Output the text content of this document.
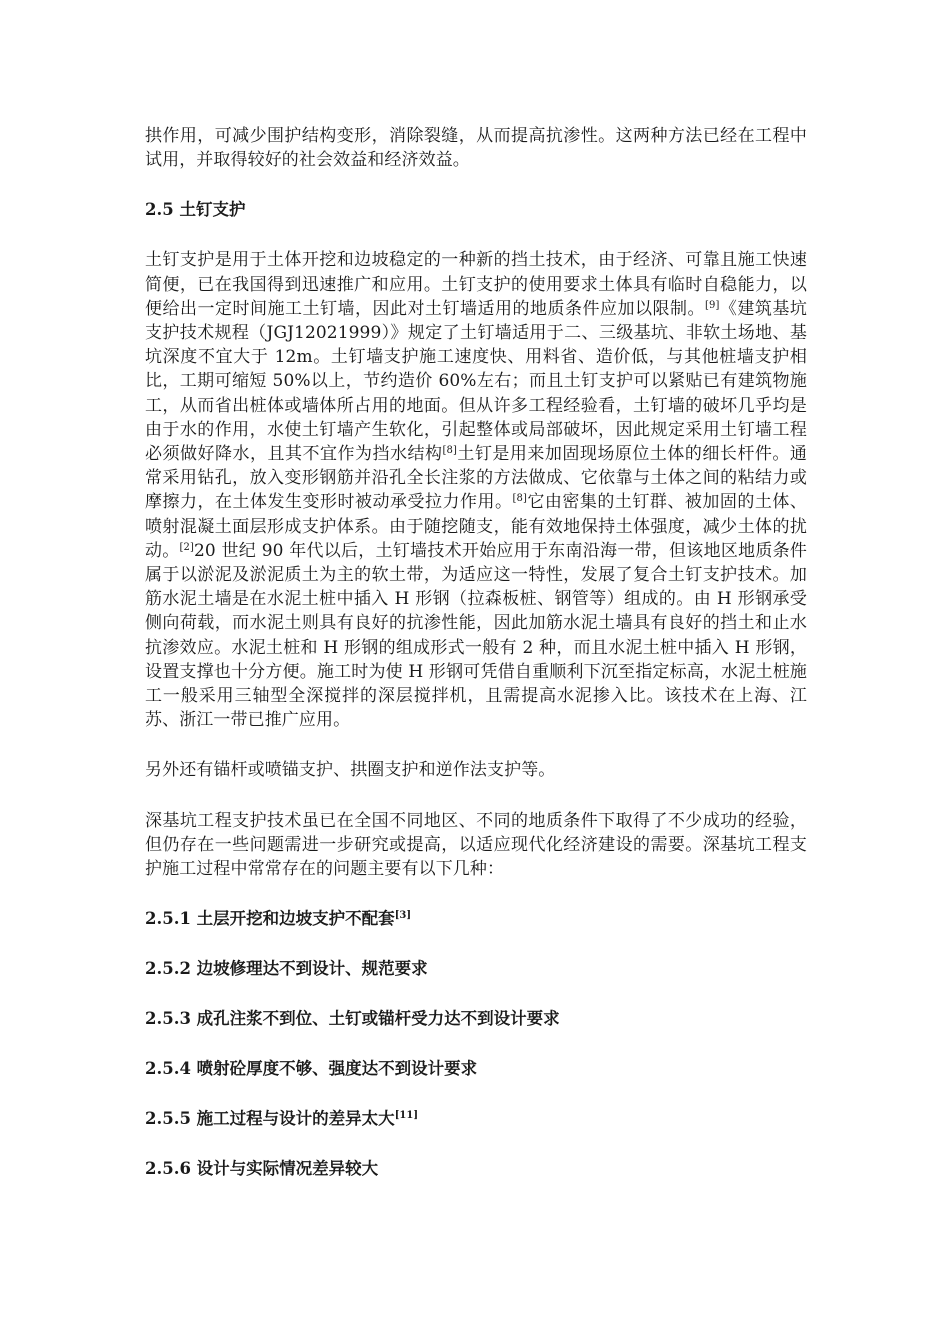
拱作用，可减少围护结构变形，消除裂缝，从而提高抗渗性。这两种方法已经在工程中试用，并取得较好的社会效益和经济效益。

2.5 土钉支护

土钉支护是用于土体开挖和边坡稳定的一种新的挡土技术，由于经济、可靠且施工快速简便，已在我国得到迅速推广和应用。土钉支护的使用要求土体具有临时自稳能力，以便给出一定时间施工土钉墙，因此对土钉墙适用的地质条件应加以限制。[9]《建筑基坑支护技术规程（JGJ12021999）》规定了土钉墙适用于二、三级基坑、非软土场地、基坑深度不宜大于 12m。土钉墙支护施工速度快、用料省、造价低，与其他桩墙支护相比，工期可缩短 50%以上，节约造价 60%左右；而且土钉支护可以紧贴已有建筑物施工，从而省出桩体或墙体所占用的地面。但从许多工程经验看，土钉墙的破坏几乎均是由于水的作用，水使土钉墙产生软化，引起整体或局部破坏，因此规定采用土钉墙工程必须做好降水，且其不宜作为挡水结构[8]土钉是用来加固现场原位土体的细长杆件。通常采用钻孔，放入变形钢筋并沿孔全长注浆的方法做成、它依靠与土体之间的粘结力或摩擦力，在土体发生变形时被动承受拉力作用。[8]它由密集的土钉群、被加固的土体、喷射混凝土面层形成支护体系。由于随挖随支，能有效地保持土体强度，减少土体的扰动。[2]20 世纪 90 年代以后，土钉墙技术开始应用于东南沿海一带，但该地区地质条件属于以淤泥及淤泥质土为主的软土带，为适应这一特性，发展了复合土钉支护技术。加筋水泥土墙是在水泥土桩中插入 H 形钢（拉森板桩、钢管等）组成的。由 H 形钢承受侧向荷载，而水泥土则具有良好的抗渗性能，因此加筋水泥土墙具有良好的挡土和止水抗渗效应。水泥土桩和 H 形钢的组成形式一般有 2 种，而且水泥土桩中插入 H 形钢，设置支撑也十分方便。施工时为使 H 形钢可凭借自重顺利下沉至指定标高，水泥土桩施工一般采用三轴型全深搅拌的深层搅拌机，且需提高水泥掺入比。该技术在上海、江苏、浙江一带已推广应用。

另外还有锚杆或喷锚支护、拱圈支护和逆作法支护等。

深基坑工程支护技术虽已在全国不同地区、不同的地质条件下取得了不少成功的经验，但仍存在一些问题需进一步研究或提高，以适应现代化经济建设的需要。深基坑工程支护施工过程中常常存在的问题主要有以下几种：

2.5.1 土层开挖和边坡支护不配套[3]

2.5.2 边坡修理达不到设计、规范要求

2.5.3 成孔注浆不到位、土钉或锚杆受力达不到设计要求

2.5.4 喷射砼厚度不够、强度达不到设计要求

2.5.5 施工过程与设计的差异太大[11]

2.5.6 设计与实际情况差异较大
